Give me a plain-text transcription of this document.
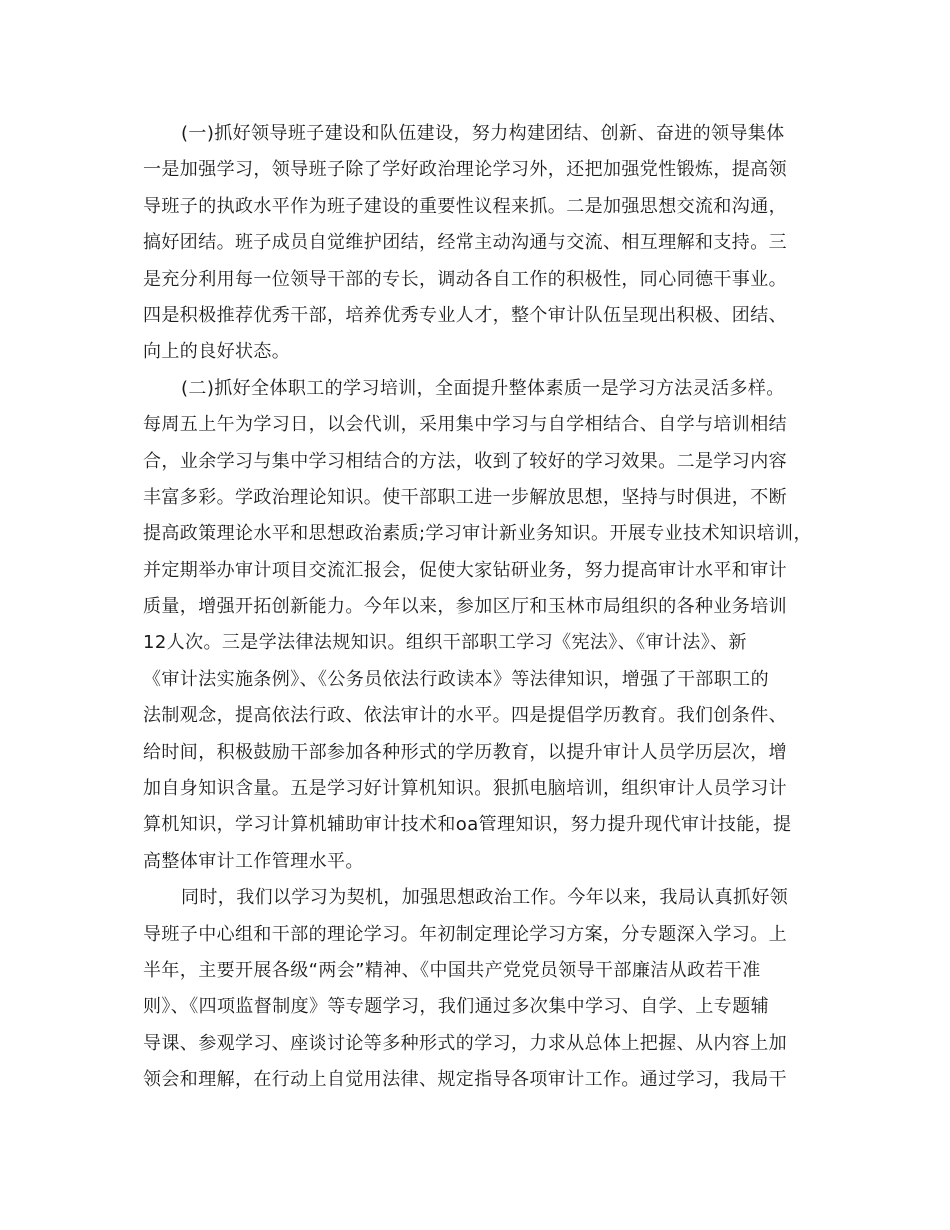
(一)抓好领导班子建设和队伍建设，努力构建团结、创新、奋进的领导集体
一是加强学习，领导班子除了学好政治理论学习外，还把加强党性锻炼，提高领
导班子的执政水平作为班子建设的重要性议程来抓。二是加强思想交流和沟通，
搞好团结。班子成员自觉维护团结，经常主动沟通与交流、相互理解和支持。三
是充分利用每一位领导干部的专长，调动各自工作的积极性，同心同德干事业。
四是积极推荐优秀干部，培养优秀专业人才，整个审计队伍呈现出积极、团结、
向上的良好状态。
(二)抓好全体职工的学习培训，全面提升整体素质一是学习方法灵活多样。
每周五上午为学习日，以会代训，采用集中学习与自学相结合、自学与培训相结
合，业余学习与集中学习相结合的方法，收到了较好的学习效果。二是学习内容
丰富多彩。学政治理论知识。使干部职工进一步解放思想，坚持与时俱进，不断
提高政策理论水平和思想政治素质;学习审计新业务知识。开展专业技术知识培训，
并定期举办审计项目交流汇报会，促使大家钻研业务，努力提高审计水平和审计
质量，增强开拓创新能力。今年以来，参加区厅和玉林市局组织的各种业务培训
12人次。三是学法律法规知识。组织干部职工学习《宪法》、《审计法》、新
《审计法实施条例》、《公务员依法行政读本》等法律知识，增强了干部职工的
法制观念，提高依法行政、依法审计的水平。四是提倡学历教育。我们创条件、
给时间，积极鼓励干部参加各种形式的学历教育，以提升审计人员学历层次，增
加自身知识含量。五是学习好计算机知识。狠抓电脑培训，组织审计人员学习计
算机知识，学习计算机辅助审计技术和oa管理知识，努力提升现代审计技能，提
高整体审计工作管理水平。
同时，我们以学习为契机，加强思想政治工作。今年以来，我局认真抓好领
导班子中心组和干部的理论学习。年初制定理论学习方案，分专题深入学习。上
半年，主要开展各级“两会”精神、《中国共产党党员领导干部廉洁从政若干准
则》、《四项监督制度》等专题学习，我们通过多次集中学习、自学、上专题辅
导课、参观学习、座谈讨论等多种形式的学习，力求从总体上把握、从内容上加
领会和理解，在行动上自觉用法律、规定指导各项审计工作。通过学习，我局干
